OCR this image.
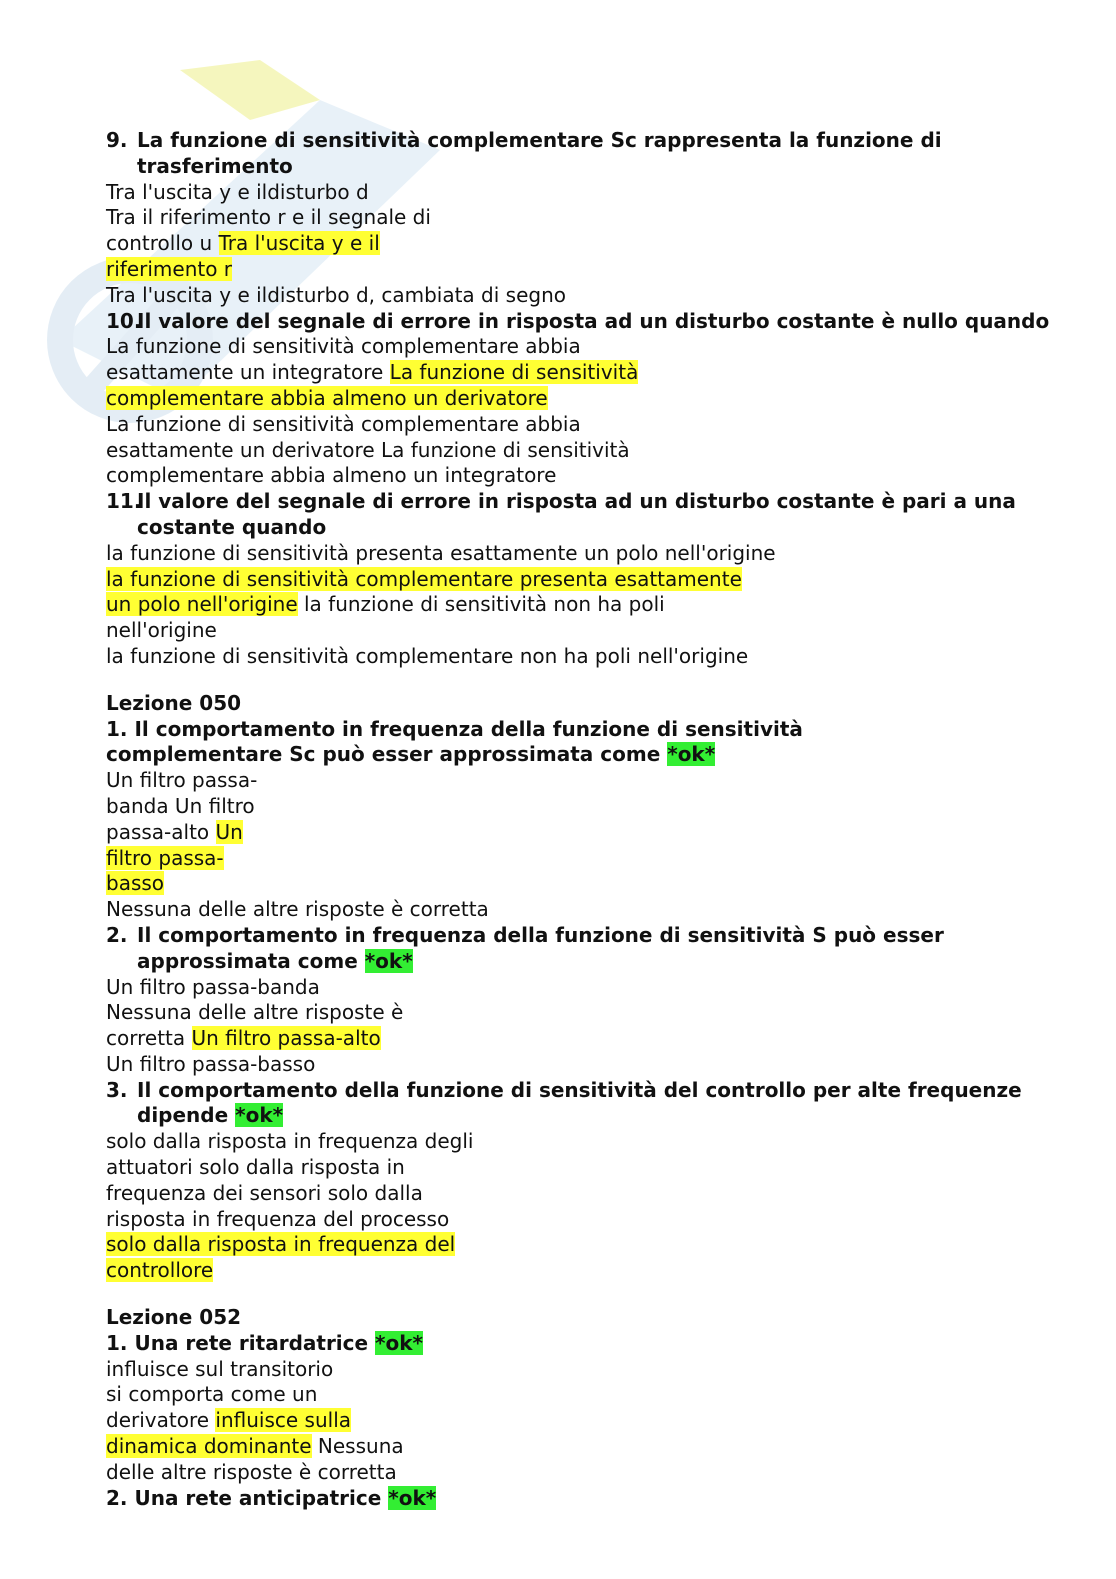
9. La funzione di sensitività complementare Sc rappresenta la funzione di trasferimento
Tra l'uscita y e ildisturbo d
Tra il riferimento r e il segnale di
controllo u Tra l'uscita y e il
riferimento r
Tra l'uscita y e ildisturbo d, cambiata di segno
10.Il valore del segnale di errore in risposta ad un disturbo costante è nullo quando
La funzione di sensitività complementare abbia
esattamente un integratore La funzione di sensitività
complementare abbia almeno un derivatore
La funzione di sensitività complementare abbia
esattamente un derivatore La funzione di sensitività
complementare abbia almeno un integratore
11.Il valore del segnale di errore in risposta ad un disturbo costante è pari a una costante quando
la funzione di sensitività presenta esattamente un polo nell'origine
la funzione di sensitività complementare presenta esattamente
un polo nell'origine la funzione di sensitività non ha poli
nell'origine
la funzione di sensitività complementare non ha poli nell'origine
Lezione 050
1. Il comportamento in frequenza della funzione di sensitività
complementare Sc può esser approssimata come *ok*
Un filtro passa-
banda Un filtro
passa-alto Un
filtro passa-
basso
Nessuna delle altre risposte è corretta
2. Il comportamento in frequenza della funzione di sensitività S può esser approssimata come *ok*
Un filtro passa-banda
Nessuna delle altre risposte è
corretta Un filtro passa-alto
Un filtro passa-basso
3. Il comportamento della funzione di sensitività del controllo per alte frequenze dipende *ok*
solo dalla risposta in frequenza degli
attuatori solo dalla risposta in
frequenza dei sensori solo dalla
risposta in frequenza del processo
solo dalla risposta in frequenza del
controllore
Lezione 052
1. Una rete ritardatrice *ok*
influisce sul transitorio
si comporta come un
derivatore influisce sulla
dinamica dominante Nessuna
delle altre risposte è corretta
2. Una rete anticipatrice *ok*
